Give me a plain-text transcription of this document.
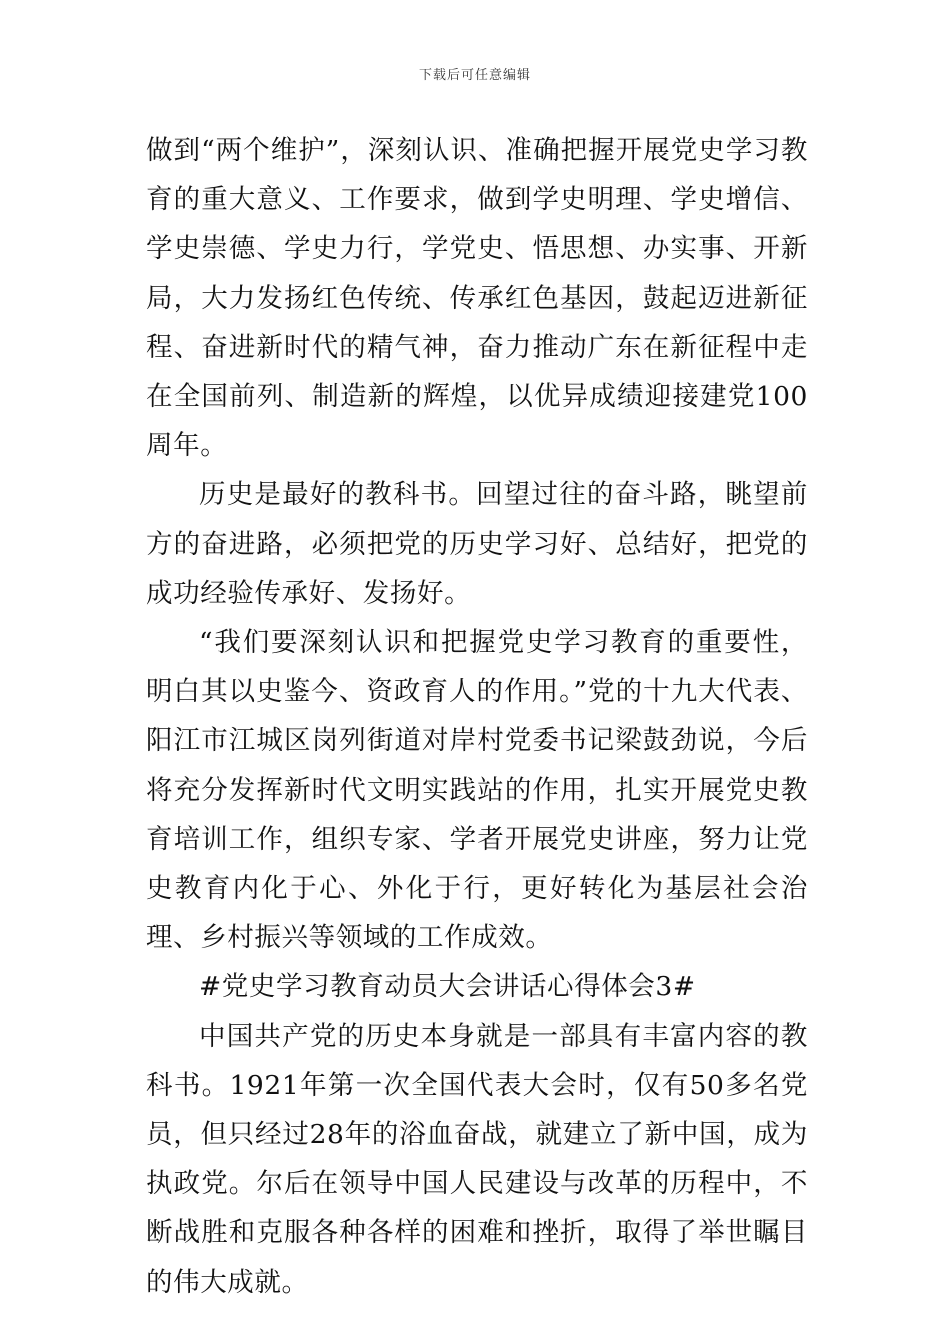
下载后可任意编辑

做到“两个维护”，深刻认识、准确把握开展党史学习教育的重大意义、工作要求，做到学史明理、学史增信、学史崇德、学史力行，学党史、悟思想、办实事、开新局，大力发扬红色传统、传承红色基因，鼓起迈进新征程、奋进新时代的精气神，奋力推动广东在新征程中走在全国前列、制造新的辉煌，以优异成绩迎接建党100周年。

历史是最好的教科书。回望过往的奋斗路，眺望前方的奋进路，必须把党的历史学习好、总结好，把党的成功经验传承好、发扬好。

“我们要深刻认识和把握党史学习教育的重要性，明白其以史鉴今、资政育人的作用。”党的十九大代表、阳江市江城区岗列街道对岸村党委书记梁鼓劲说，今后将充分发挥新时代文明实践站的作用，扎实开展党史教育培训工作，组织专家、学者开展党史讲座，努力让党史教育内化于心、外化于行，更好转化为基层社会治理、乡村振兴等领域的工作成效。

#党史学习教育动员大会讲话心得体会3#

中国共产党的历史本身就是一部具有丰富内容的教科书。1921年第一次全国代表大会时，仅有50多名党员，但只经过28年的浴血奋战，就建立了新中国，成为执政党。尔后在领导中国人民建设与改革的历程中，不断战胜和克服各种各样的困难和挫折，取得了举世瞩目的伟大成就。
